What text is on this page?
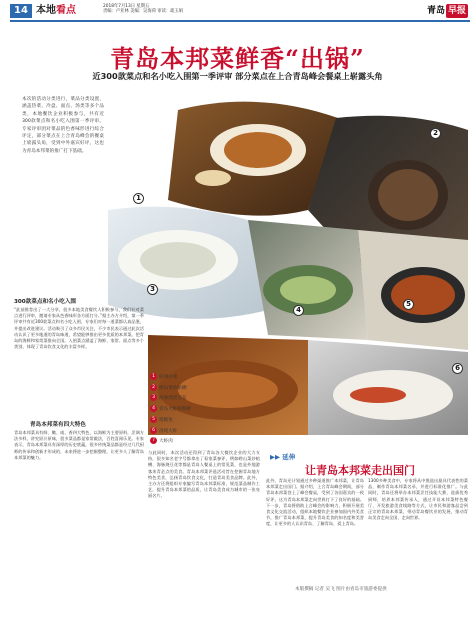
14 本地看点	2018年7月13日 星期五
责编：卢亚林 美编：吴海荷 审读：疏玉娟	青岛 早报
青岛本邦菜鲜香“出锅”
近300款菜点和名小吃入围第一季评审 部分菜点在上合青岛峰会餐桌上崭露头角
1
2
3
4
5
6
本次的活动分类进行，菜品分类设置，涵盖热菜、冷盘、面点、汤类等多个品类，本地餐饮企业积极参与，共有近300款菜点和名小吃入围第一季评审。专家评审团对菜品的色香味形进行综合评定，部分菜点在上合青岛峰会的餐桌上崭露头角，受到中外嘉宾好评，这也为青岛本邦菜的推广打下基础。
1 胶州白菜
2 崂山菜炒蛤蜊
3 海肠烧烧豆花
4 青岛大虾鲜海鲜
5 烧鲅鱼
6 清炖大虾
7 大虾肉
300款菜点和名小吃入围
“此前推荐出了一大分享，很多本地美食餐饮人积极参与，我们针对菜点进行评审，邀请专家从色香味形各方面打分。”据主办方介绍，第一季评审共有近300款菜点和名小吃入围，专家们对每一道菜都认真品鉴，并提出改进建议。活动吸引了众多市民关注，不少市民表示通过此次活动认识了更多地道的青岛味道，希望能够推出更多优质的本邦菜，把青岛的海鲜和家常菜推向全国。入围菜点涵盖了海鲜、家常、面点等多个类别，体现了青岛饮食文化的丰富多样。
青岛本邦菜有四大特色
青岛本邦菜具有鲜、嫩、咸、香四大特色，以海鲜为主要原料，烹调方法多样，讲究原汁原味，很多菜品都是家常做法，百姓喜闻乐见。专家表示，青岛本邦菜具有深厚的历史底蕴，很多传统菜品都是经过几代厨师的传承和创新才形成的，未来将进一步挖掘整理，让更多人了解青岛本邦菜的魅力。
与此同时，本次活动还得到了青岛各大餐饮企业的大力支持，很多知名老字号都拿出了看家菜参评，例如崂山菜炒蛤蜊、海肠烧豆花等都是青岛人餐桌上的常见菜，也是外地游客来青必点的美食。青岛本邦菜评选活动旨在挖掘青岛地方特色美食，弘扬青岛饮食文化，打造青岛美食品牌。此外，主办方还将组织专家编写青岛本邦菜标准，规范菜品制作工艺，提升青岛本邦菜的品质，让青岛美食成为城市的一张亮丽名片。
▶▶ 延伸
让青岛本邦菜走出国门
此外，青岛还计划通过多种渠道推广本邦菜，让青岛本邦菜走出国门。据介绍，上合青岛峰会期间，部分青岛本邦菜登上了峰会餐桌，受到了各国嘉宾的一致好评，这为青岛本邦菜走向世界打下了良好的基础。下一步，青岛将借助上合峰会的影响力，积极开展美食文化交流活动，组织本地餐饮企业参加国内外美食节，推广青岛本邦菜，提升青岛美食的知名度和美誉度，让更多的人认识青岛、了解青岛、爱上青岛。
1300多种美食中，专家将从中挑选出最具代表性的菜品，制作青岛本邦菜名录，并进行标准化推广。与此同时，青岛还将举办本邦菜烹饪技能大赛，选拔优秀厨师，培养本邦菜传承人，通过开设本邦菜特色餐厅、开发旅游美食线路等方式，让市民和游客品尝到正宗的青岛本邦菜，带动青岛餐饮业的发展，推动青岛美食走向全国、走向世界。
本版撰稿 记者 吴飞 图片由青岛市旅游委提供
